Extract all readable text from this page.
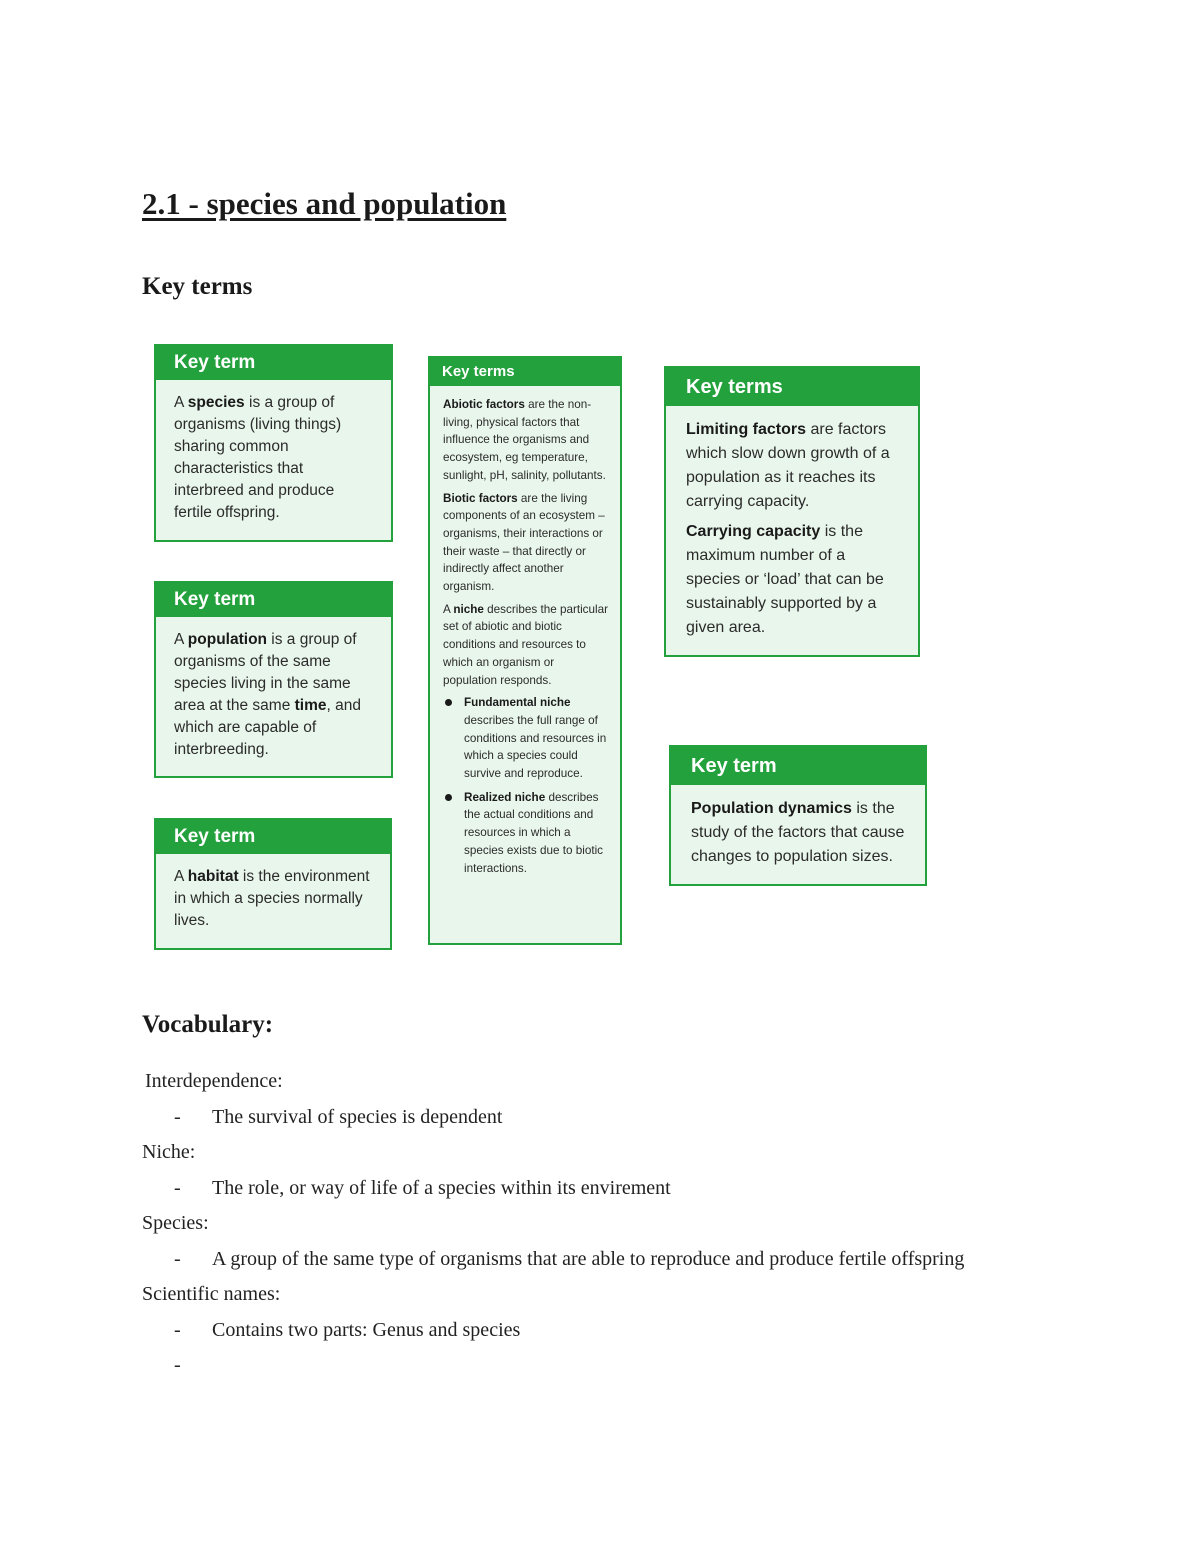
2.1 - species and population
Key terms
Key term
A species is a group of organisms (living things) sharing common characteristics that interbreed and produce fertile offspring.
Key term
A population is a group of organisms of the same species living in the same area at the same time, and which are capable of interbreeding.
Key term
A habitat is the environment in which a species normally lives.
Key terms

Abiotic factors are the non-living, physical factors that influence the organisms and ecosystem, eg temperature, sunlight, pH, salinity, pollutants.

Biotic factors are the living components of an ecosystem – organisms, their interactions or their waste – that directly or indirectly affect another organism.

A niche describes the particular set of abiotic and biotic conditions and resources to which an organism or population responds.

Fundamental niche describes the full range of conditions and resources in which a species could survive and reproduce.
Realized niche describes the actual conditions and resources in which a species exists due to biotic interactions.
Key terms

Limiting factors are factors which slow down growth of a population as it reaches its carrying capacity.

Carrying capacity is the maximum number of a species or ‘load’ that can be sustainably supported by a given area.

Key term
Population dynamics is the study of the factors that cause changes to population sizes.
Vocabulary:
Interdependence:
- The survival of species is dependent
Niche:
- The role, or way of life of a species within its envirement
Species:
- A group of the same type of organisms that are able to reproduce and produce fertile offspring
Scientific names:
- Contains two parts: Genus and species
-
